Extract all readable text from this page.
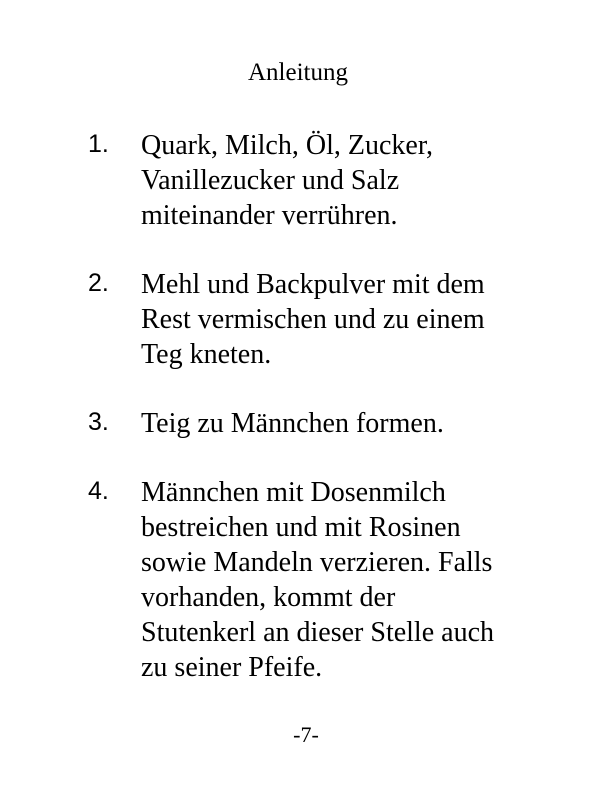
Anleitung
1. Quark, Milch, Öl, Zucker,
Vanillezucker und Salz
miteinander verrühren.
2. Mehl und Backpulver mit dem
Rest vermischen und zu einem
Teg kneten.
3. Teig zu Männchen formen.
4. Männchen mit Dosenmilch
bestreichen und mit Rosinen
sowie Mandeln verzieren. Falls
vorhanden, kommt der
Stutenkerl an dieser Stelle auch
zu seiner Pfeife.
-7-
